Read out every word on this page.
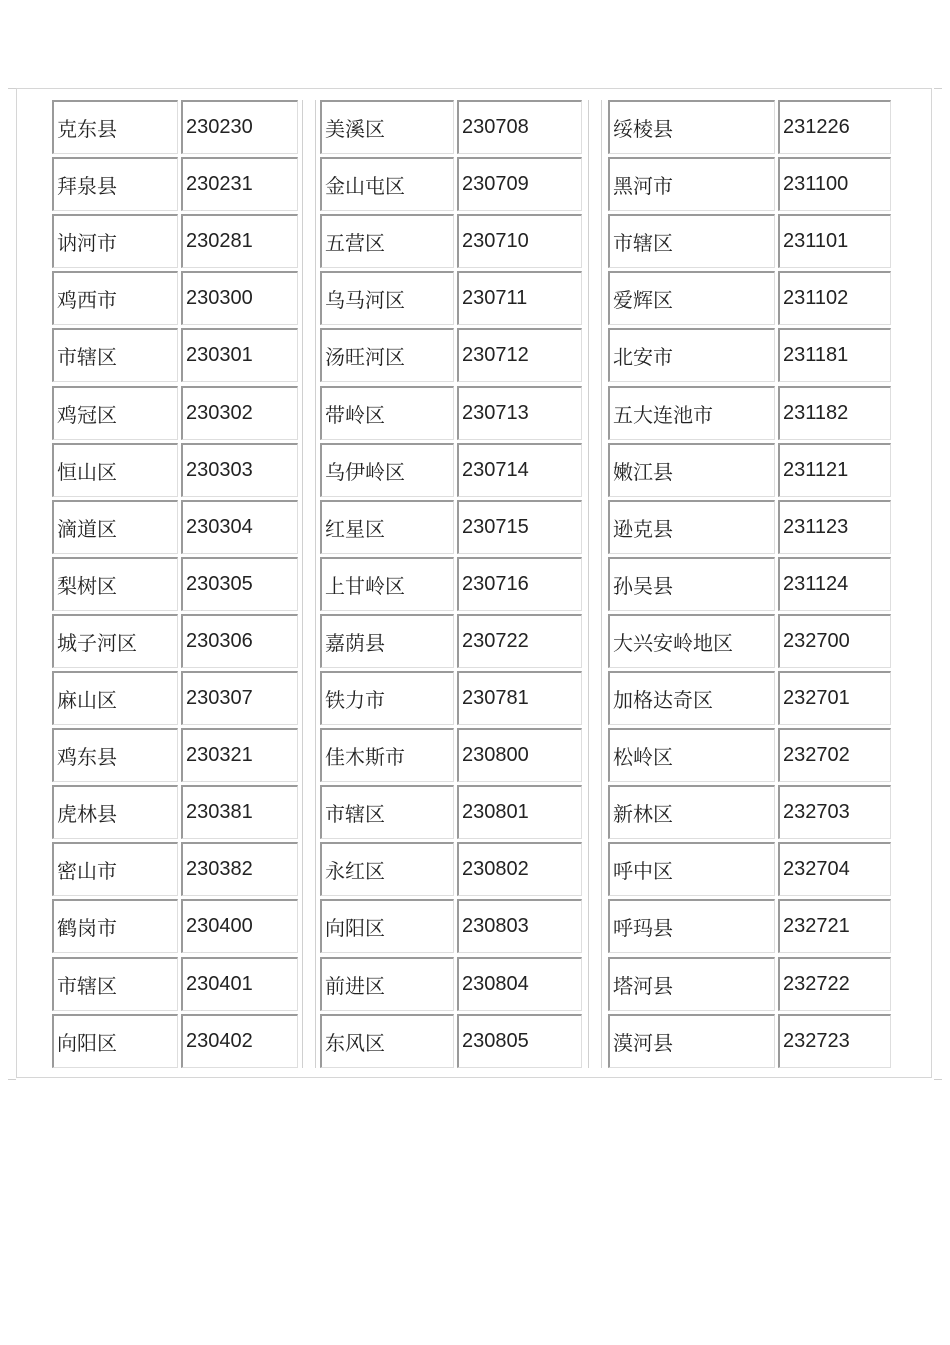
克东县	230230
拜泉县	230231
讷河市	230281
鸡西市	230300
市辖区	230301
鸡冠区	230302
恒山区	230303
滴道区	230304
梨树区	230305
城子河区	230306
麻山区	230307
鸡东县	230321
虎林县	230381
密山市	230382
鹤岗市	230400
市辖区	230401
向阳区	230402
美溪区	230708
金山屯区	230709
五营区	230710
乌马河区	230711
汤旺河区	230712
带岭区	230713
乌伊岭区	230714
红星区	230715
上甘岭区	230716
嘉荫县	230722
铁力市	230781
佳木斯市	230800
市辖区	230801
永红区	230802
向阳区	230803
前进区	230804
东风区	230805
绥棱县	231226
黑河市	231100
市辖区	231101
爱辉区	231102
北安市	231181
五大连池市	231182
嫩江县	231121
逊克县	231123
孙吴县	231124
大兴安岭地区	232700
加格达奇区	232701
松岭区	232702
新林区	232703
呼中区	232704
呼玛县	232721
塔河县	232722
漠河县	232723
